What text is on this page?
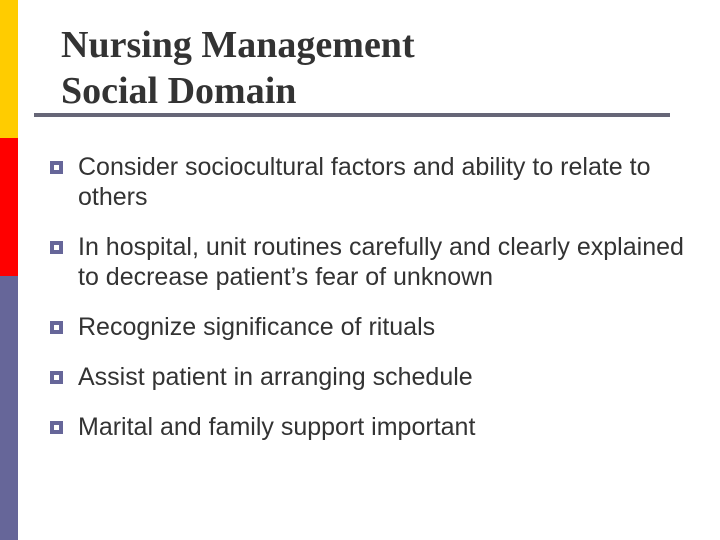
Nursing Management
Social Domain
Consider sociocultural factors and ability to relate to others
In hospital, unit routines carefully and clearly explained to decrease patient’s fear of unknown
Recognize significance of rituals
Assist patient in arranging schedule
Marital and family support important
